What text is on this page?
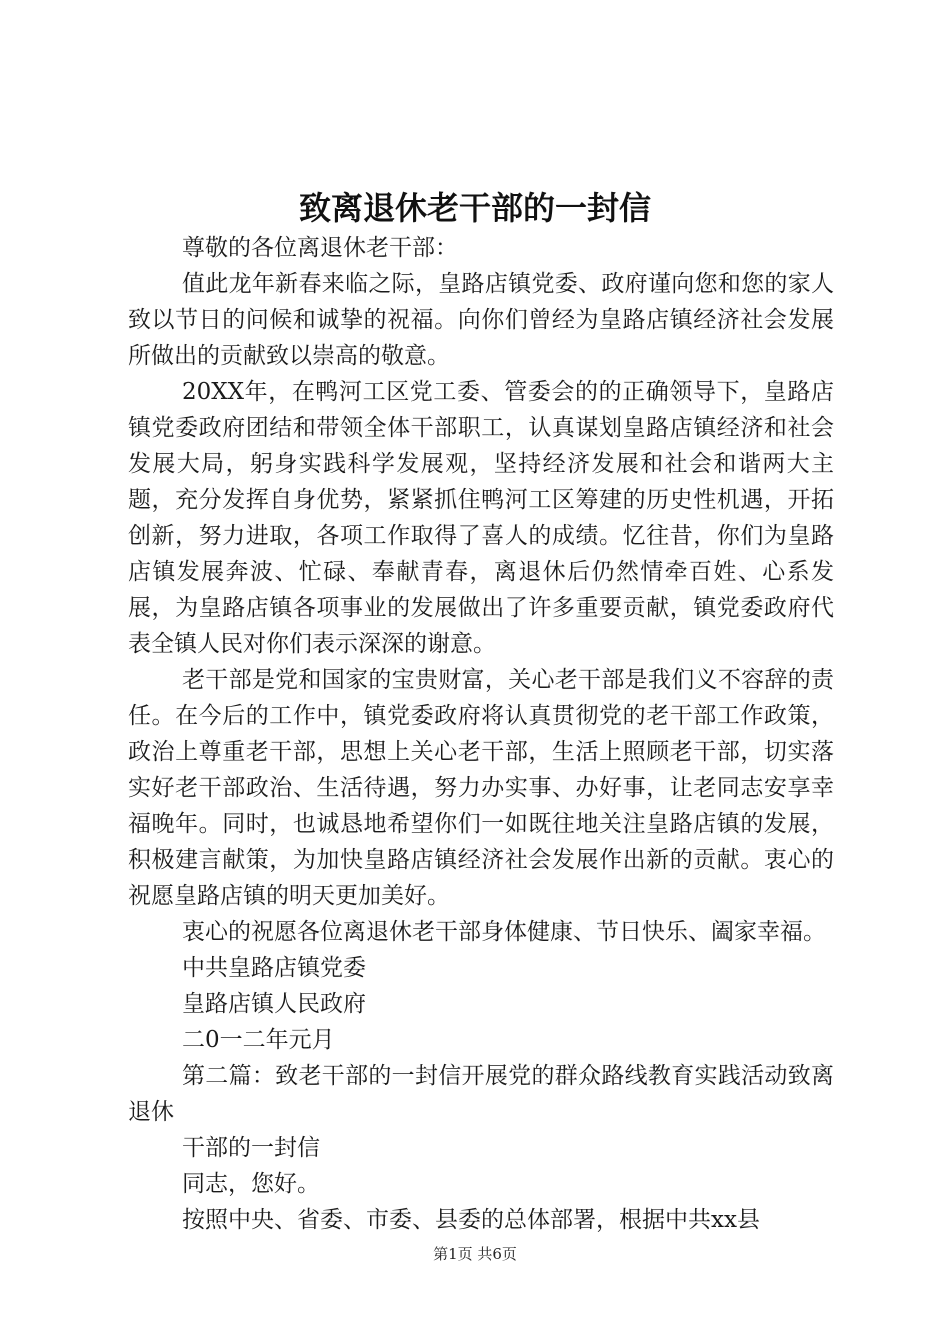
致离退休老干部的一封信

尊敬的各位离退休老干部：

值此龙年新春来临之际，皇路店镇党委、政府谨向您和您的家人致以节日的问候和诚挚的祝福。向你们曾经为皇路店镇经济社会发展所做出的贡献致以崇高的敬意。

20XX年，在鸭河工区党工委、管委会的的正确领导下，皇路店镇党委政府团结和带领全体干部职工，认真谋划皇路店镇经济和社会发展大局，躬身实践科学发展观，坚持经济发展和社会和谐两大主题，充分发挥自身优势，紧紧抓住鸭河工区筹建的历史性机遇，开拓创新，努力进取，各项工作取得了喜人的成绩。忆往昔，你们为皇路店镇发展奔波、忙碌、奉献青春，离退休后仍然情牵百姓、心系发展，为皇路店镇各项事业的发展做出了许多重要贡献，镇党委政府代表全镇人民对你们表示深深的谢意。

老干部是党和国家的宝贵财富，关心老干部是我们义不容辞的责任。在今后的工作中，镇党委政府将认真贯彻党的老干部工作政策，政治上尊重老干部，思想上关心老干部，生活上照顾老干部，切实落实好老干部政治、生活待遇，努力办实事、办好事，让老同志安享幸福晚年。同时，也诚恳地希望你们一如既往地关注皇路店镇的发展，积极建言献策，为加快皇路店镇经济社会发展作出新的贡献。衷心的祝愿皇路店镇的明天更加美好。

衷心的祝愿各位离退休老干部身体健康、节日快乐、阖家幸福。

中共皇路店镇党委

皇路店镇人民政府

二0一二年元月

第二篇：致老干部的一封信开展党的群众路线教育实践活动致离退休

干部的一封信

同志，您好。

按照中央、省委、市委、县委的总体部署，根据中共xx县

第1页 共6页
